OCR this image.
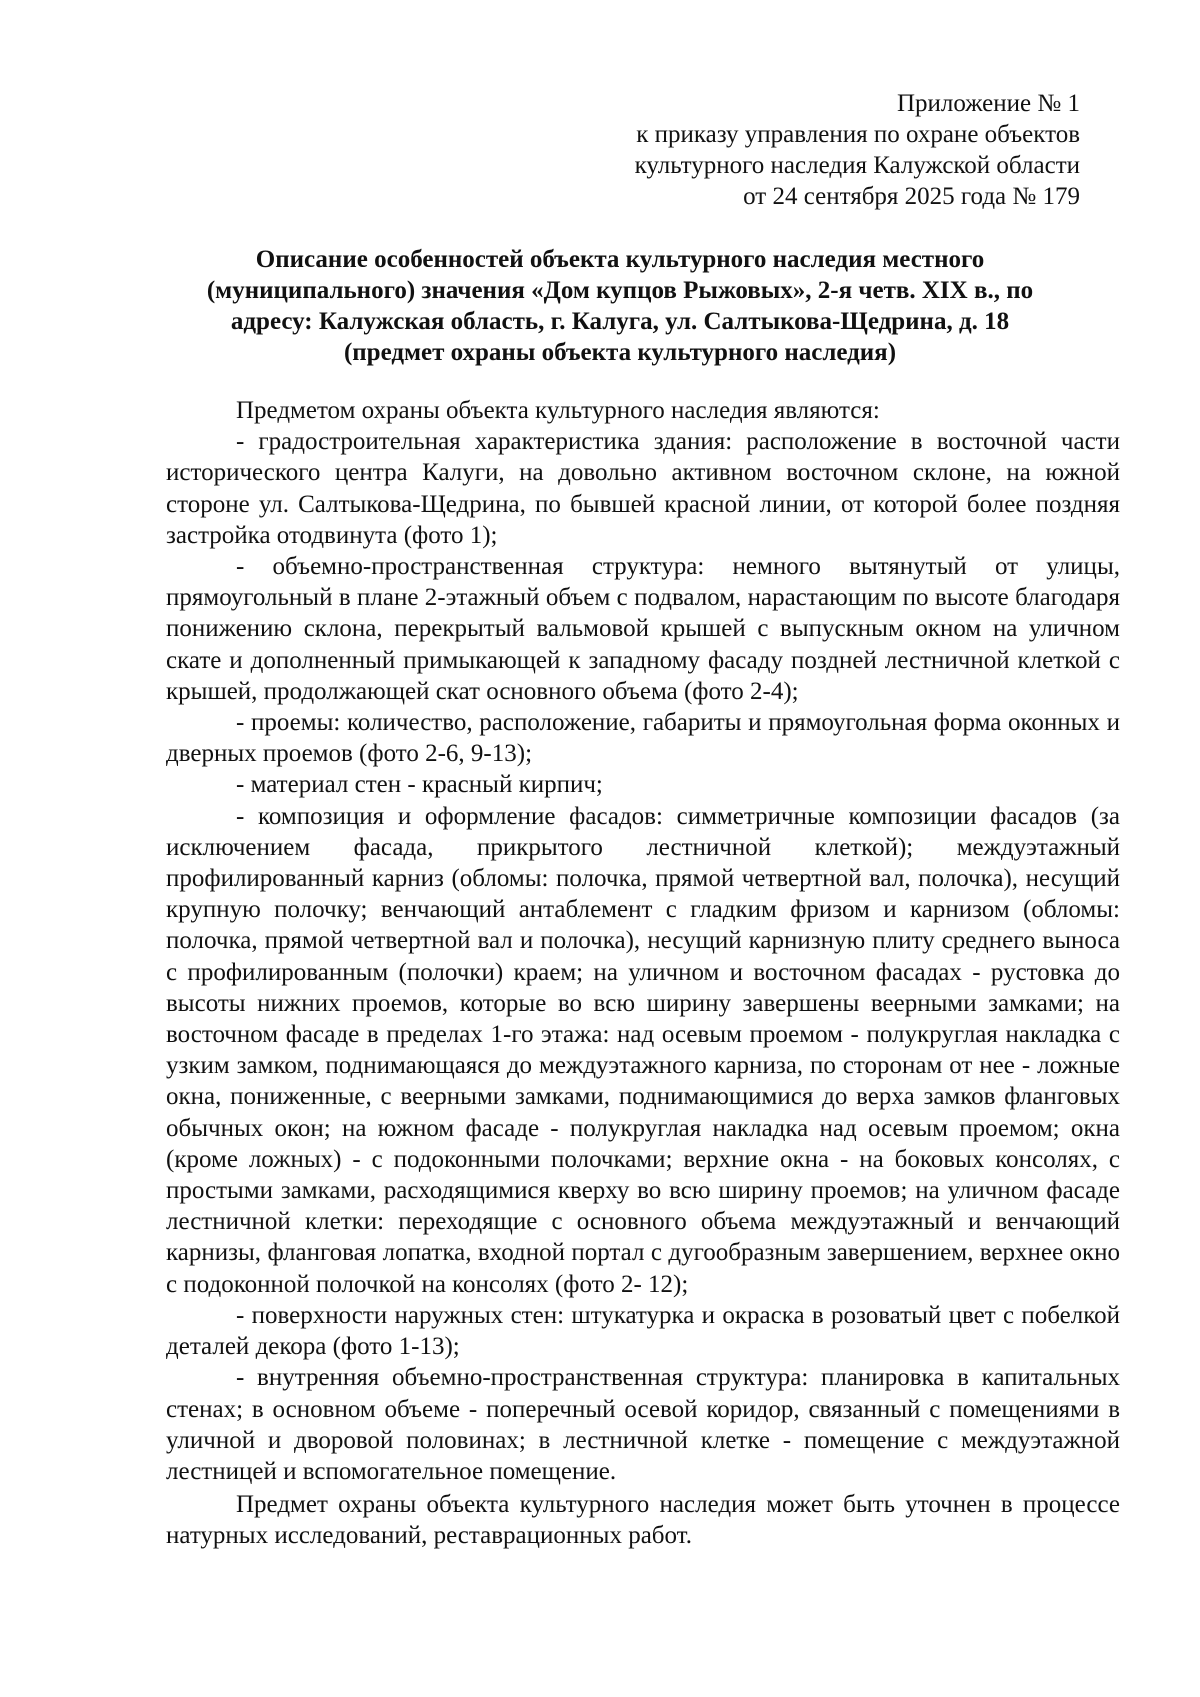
Приложение № 1
к приказу управления по охране объектов
культурного наследия Калужской области
от 24 сентября 2025 года № 179
Описание особенностей объекта культурного наследия местного
(муниципального) значения «Дом купцов Рыжовых», 2-я четв. XIX в., по
адресу: Калужская область, г. Калуга, ул. Салтыкова-Щедрина, д. 18
(предмет охраны объекта культурного наследия)

Предметом охраны объекта культурного наследия являются:

- градостроительная характеристика здания: расположение в восточной части исторического центра Калуги, на довольно активном восточном склоне, на южной стороне ул. Салтыкова-Щедрина, по бывшей красной линии, от которой более поздняя застройка отодвинута (фото 1);

- объемно-пространственная структура: немного вытянутый от улицы, прямоугольный в плане 2-этажный объем с подвалом, нарастающим по высоте благодаря понижению склона, перекрытый вальмовой крышей с выпускным окном на уличном скате и дополненный примыкающей к западному фасаду поздней лестничной клеткой с крышей, продолжающей скат основного объема (фото 2-4);

- проемы: количество, расположение, габариты и прямоугольная форма оконных и дверных проемов (фото 2-6, 9-13);

- материал стен - красный кирпич;

- композиция и оформление фасадов: симметричные композиции фасадов (за исключением фасада, прикрытого лестничной клеткой); междуэтажный профилированный карниз (обломы: полочка, прямой четвертной вал, полочка), несущий крупную полочку; венчающий антаблемент с гладким фризом и карнизом (обломы: полочка, прямой четвертной вал и полочка), несущий карнизную плиту среднего выноса с профилированным (полочки) краем; на уличном и восточном фасадах - рустовка до высоты нижних проемов, которые во всю ширину завершены веерными замками; на восточном фасаде в пределах 1-го этажа: над осевым проемом - полукруглая накладка с узким замком, поднимающаяся до междуэтажного карниза, по сторонам от нее - ложные окна, пониженные, с веерными замками, поднимающимися до верха замков фланговых обычных окон; на южном фасаде - полукруглая накладка над осевым проемом; окна (кроме ложных) - с подоконными полочками; верхние окна - на боковых консолях, с простыми замками, расходящимися кверху во всю ширину проемов; на уличном фасаде лестничной клетки: переходящие с основного объема междуэтажный и венчающий карнизы, фланговая лопатка, входной портал с дугообразным завершением, верхнее окно с подоконной полочкой на консолях (фото 2- 12);

- поверхности наружных стен: штукатурка и окраска в розоватый цвет с побелкой деталей декора (фото 1-13);

- внутренняя объемно-пространственная структура: планировка в капитальных стенах; в основном объеме - поперечный осевой коридор, связанный с помещениями в уличной и дворовой половинах; в лестничной клетке - помещение с междуэтажной лестницей и вспомогательное помещение.

Предмет охраны объекта культурного наследия может быть уточнен в процессе натурных исследований, реставрационных работ.
